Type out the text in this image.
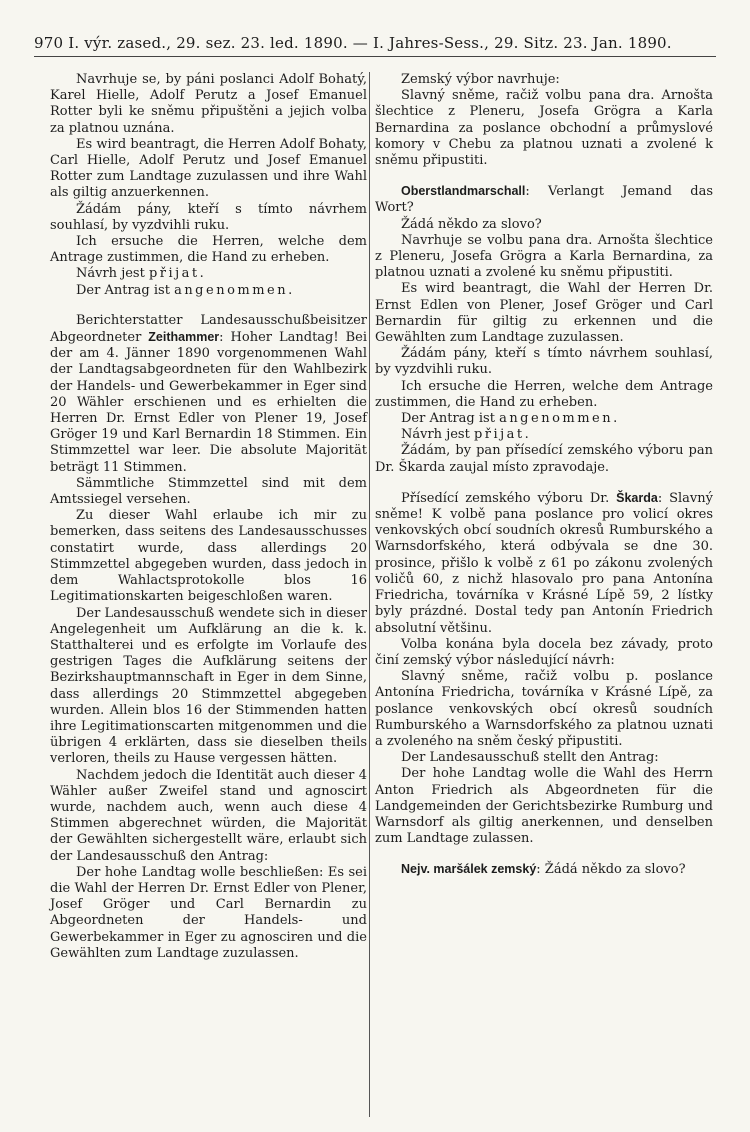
970 I. výr. zased., 29. sez. 23. led. 1890. — I. Jahres-Sess., 29. Sitz. 23. Jan. 1890.

Navrhuje se, by páni poslanci Adolf Bohatý, Karel Hielle, Adolf Perutz a Josef Emanuel Rotter byli ke sněmu připuštěni a jejich volba za platnou uznána.

Es wird beantragt, die Herren Adolf Bohaty, Carl Hielle, Adolf Perutz und Josef Emanuel Rotter zum Landtage zuzulassen und ihre Wahl als giltig anzuerkennen.

Žádám pány, kteří s tímto návrhem souhlasí, by vyzdvihli ruku.

Ich ersuche die Herren, welche dem Antrage zustimmen, die Hand zu erheben.

Návrh jest přijat.

Der Antrag ist angenommen.

Berichterstatter Landesausschußbeisitzer Abgeordneter Zeithammer: Hoher Landtag! Bei der am 4. Jänner 1890 vorgenommenen Wahl der Landtagsabgeordneten für den Wahlbezirk der Handels- und Gewerbekammer in Eger sind 20 Wähler erschienen und es erhielten die Herren Dr. Ernst Edler von Plener 19, Josef Gröger 19 und Karl Bernardin 18 Stimmen. Ein Stimmzettel war leer. Die absolute Majorität beträgt 11 Stimmen.

Sämmtliche Stimmzettel sind mit dem Amtssiegel versehen.

Zu dieser Wahl erlaube ich mir zu bemerken, dass seitens des Landesausschusses constatirt wurde, dass allerdings 20 Stimmzettel abgegeben wurden, dass jedoch in dem Wahlactsprotokolle blos 16 Legitimationskarten beigeschloßen waren.

Der Landesausschuß wendete sich in dieser Angelegenheit um Aufklärung an die k. k. Statthalterei und es erfolgte im Vorlaufe des gestrigen Tages die Aufklärung seitens der Bezirkshauptmannschaft in Eger in dem Sinne, dass allerdings 20 Stimmzettel abgegeben wurden. Allein blos 16 der Stimmenden hatten ihre Legitimationscarten mitgenommen und die übrigen 4 erklärten, dass sie dieselben theils verloren, theils zu Hause vergessen hätten.

Nachdem jedoch die Identität auch dieser 4 Wähler außer Zweifel stand und agnoscirt wurde, nachdem auch, wenn auch diese 4 Stimmen abgerechnet würden, die Majorität der Gewählten sichergestellt wäre, erlaubt sich der Landesausschuß den Antrag:

Der hohe Landtag wolle beschließen: Es sei die Wahl der Herren Dr. Ernst Edler von Plener, Josef Gröger und Carl Bernardin zu Abgeordneten der Handels- und Gewerbekammer in Eger zu agnosciren und die Gewählten zum Landtage zuzulassen.

Zemský výbor navrhuje:

Slavný sněme, račiž volbu pana dra. Arnošta šlechtice z Pleneru, Josefa Grögra a Karla Bernardina za poslance obchodní a průmyslové komory v Chebu za platnou uznati a zvolené k sněmu připustiti.

Oberstlandmarschall: Verlangt Jemand das Wort?

Žádá někdo za slovo?

Navrhuje se volbu pana dra. Arnošta šlechtice z Pleneru, Josefa Grögra a Karla Bernardina, za platnou uznati a zvolené ku sněmu připustiti.

Es wird beantragt, die Wahl der Herren Dr. Ernst Edlen von Plener, Josef Gröger und Carl Bernardin für giltig zu erkennen und die Gewählten zum Landtage zuzulassen.

Žádám pány, kteří s tímto návrhem souhlasí, by vyzdvihli ruku.

Ich ersuche die Herren, welche dem Antrage zustimmen, die Hand zu erheben.

Der Antrag ist angenommen.

Návrh jest přijat.

Žádám, by pan přísedící zemského výboru pan Dr. Škarda zaujal místo zpravodaje.

Přísedící zemského výboru Dr. Škarda: Slavný sněme! K volbě pana poslance pro volicí okres venkovských obcí soudních okresů Rumburského a Warnsdorfského, která odbývala se dne 30. prosince, přišlo k volbě z 61 po zákonu zvolených voličů 60, z nichž hlasovalo pro pana Antonína Friedricha, továrníka v Krásné Lípě 59, 2 lístky byly prázdné. Dostal tedy pan Antonín Friedrich absolutní většinu.

Volba konána byla docela bez závady, proto činí zemský výbor následující návrh:

Slavný sněme, račiž volbu p. poslance Antonína Friedricha, továrníka v Krásné Lípě, za poslance venkovských obcí okresů soudních Rumburského a Warnsdorfského za platnou uznati a zvoleného na sněm český připustiti.

Der Landesausschuß stellt den Antrag:

Der hohe Landtag wolle die Wahl des Herrn Anton Friedrich als Abgeordneten für die Landgemeinden der Gerichtsbezirke Rumburg und Warnsdorf als giltig anerkennen, und denselben zum Landtage zulassen.

Nejv. maršálek zemský: Žádá někdo za slovo?
